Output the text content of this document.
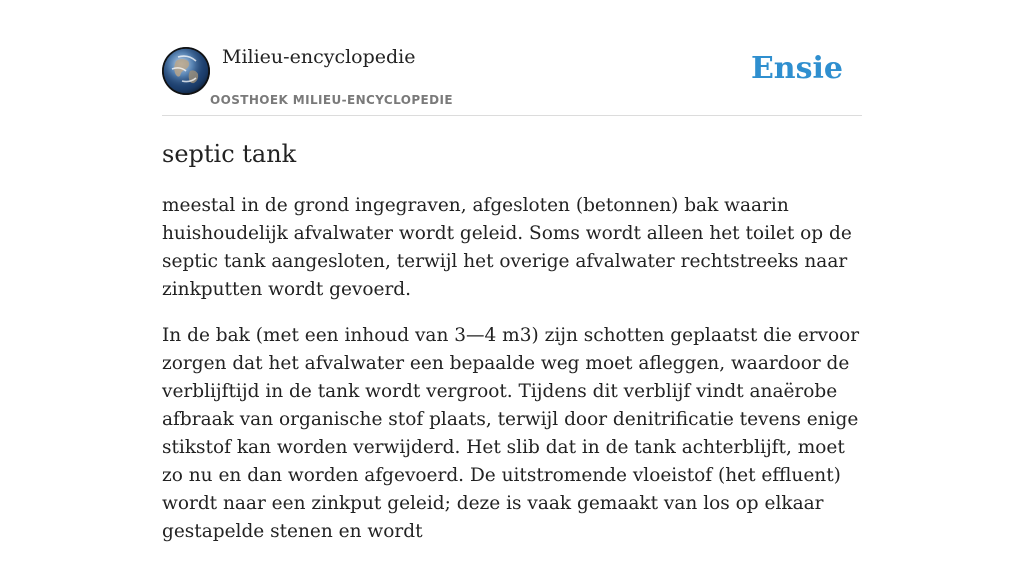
Milieu-encyclopedie
OOSTHOEK MILIEU-ENCYCLOPEDIE
Ensie
septic tank

meestal in de grond ingegraven, afgesloten (betonnen) bak waarin huishoudelijk afvalwater wordt geleid. Soms wordt alleen het toilet op de septic tank aangesloten, terwijl het overige afvalwater rechtstreeks naar zinkputten wordt gevoerd.

In de bak (met een inhoud van 3—4 m3) zijn schotten geplaatst die ervoor zorgen dat het afvalwater een bepaalde weg moet afleggen, waardoor de verblijftijd in de tank wordt vergroot. Tijdens dit verblijf vindt anaërobe afbraak van organische stof plaats, terwijl door denitrificatie tevens enige stikstof kan worden verwijderd. Het slib dat in de tank achterblijft, moet zo nu en dan worden afgevoerd. De uitstromende vloeistof (het effluent) wordt naar een zinkput geleid; deze is vaak gemaakt van los op elkaar gestapelde stenen en wordt
